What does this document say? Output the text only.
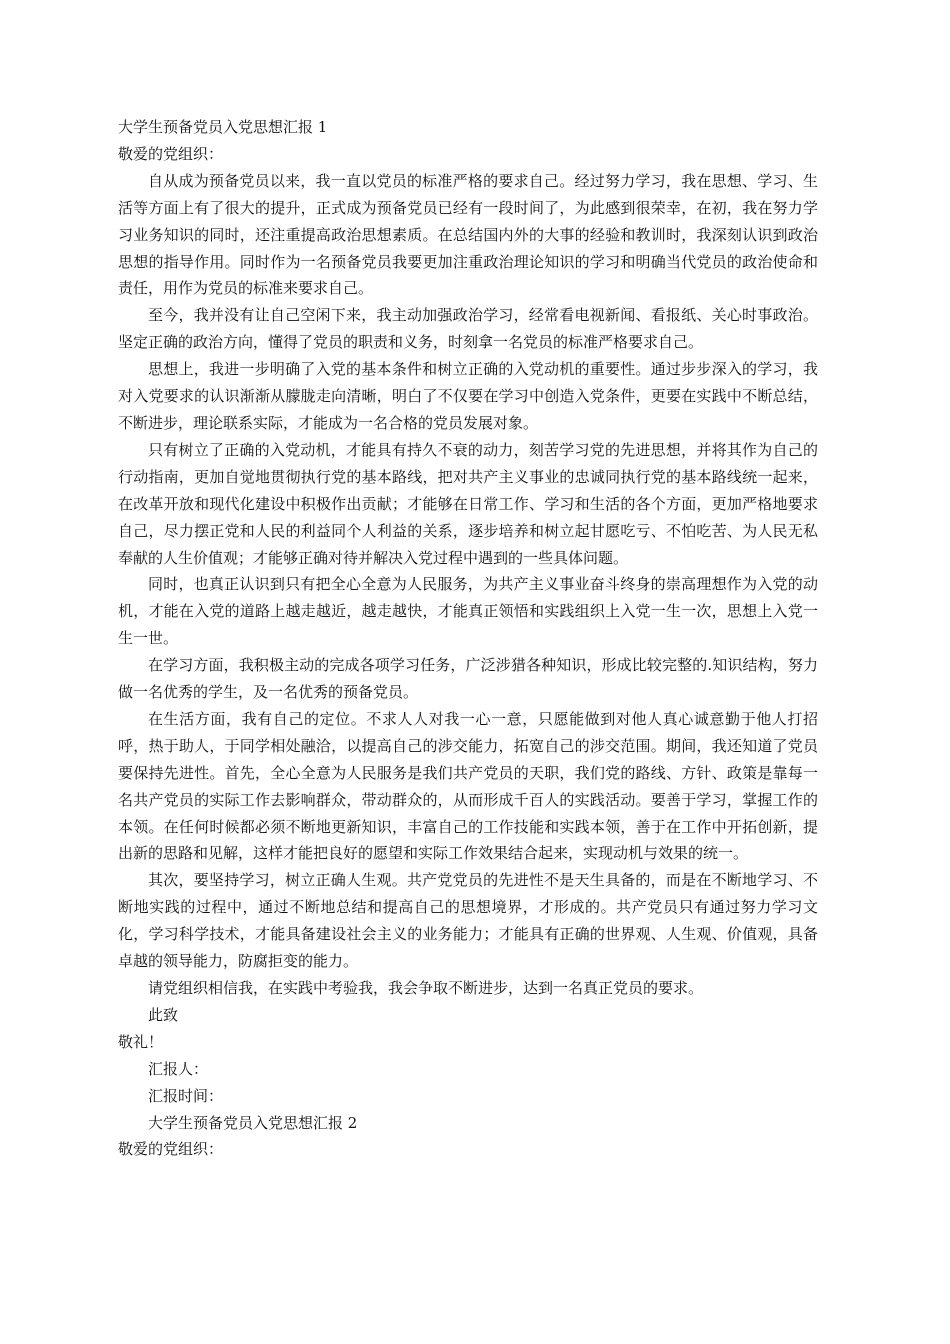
大学生预备党员入党思想汇报 1

敬爱的党组织：

自从成为预备党员以来，我一直以党员的标准严格的要求自己。经过努力学习，我在思想、学习、生活等方面上有了很大的提升，正式成为预备党员已经有一段时间了，为此感到很荣幸，在初，我在努力学习业务知识的同时，还注重提高政治思想素质。在总结国内外的大事的经验和教训时，我深刻认识到政治思想的指导作用。同时作为一名预备党员我要更加注重政治理论知识的学习和明确当代党员的政治使命和责任，用作为党员的标准来要求自己。

至今，我并没有让自己空闲下来，我主动加强政治学习，经常看电视新闻、看报纸、关心时事政治。坚定正确的政治方向，懂得了党员的职责和义务，时刻拿一名党员的标准严格要求自己。

思想上，我进一步明确了入党的基本条件和树立正确的入党动机的重要性。通过步步深入的学习，我对入党要求的认识渐渐从朦胧走向清晰，明白了不仅要在学习中创造入党条件，更要在实践中不断总结，不断进步，理论联系实际，才能成为一名合格的党员发展对象。

只有树立了正确的入党动机，才能具有持久不衰的动力，刻苦学习党的先进思想，并将其作为自己的行动指南，更加自觉地贯彻执行党的基本路线，把对共产主义事业的忠诚同执行党的基本路线统一起来，在改革开放和现代化建设中积极作出贡献；才能够在日常工作、学习和生活的各个方面，更加严格地要求自己，尽力摆正党和人民的利益同个人利益的关系，逐步培养和树立起甘愿吃亏、不怕吃苦、为人民无私奉献的人生价值观；才能够正确对待并解决入党过程中遇到的一些具体问题。

同时，也真正认识到只有把全心全意为人民服务，为共产主义事业奋斗终身的崇高理想作为入党的动机，才能在入党的道路上越走越近，越走越快，才能真正领悟和实践组织上入党一生一次，思想上入党一生一世。

在学习方面，我积极主动的完成各项学习任务，广泛涉猎各种知识，形成比较完整的.知识结构，努力做一名优秀的学生，及一名优秀的预备党员。

在生活方面，我有自己的定位。不求人人对我一心一意，只愿能做到对他人真心诚意勤于他人打招呼，热于助人，于同学相处融洽，以提高自己的涉交能力，拓宽自己的涉交范围。期间，我还知道了党员要保持先进性。首先，全心全意为人民服务是我们共产党员的天职，我们党的路线、方针、政策是靠每一名共产党员的实际工作去影响群众，带动群众的，从而形成千百人的实践活动。要善于学习，掌握工作的本领。在任何时候都必须不断地更新知识，丰富自己的工作技能和实践本领，善于在工作中开拓创新，提出新的思路和见解，这样才能把良好的愿望和实际工作效果结合起来，实现动机与效果的统一。

其次，要坚持学习，树立正确人生观。共产党党员的先进性不是天生具备的，而是在不断地学习、不断地实践的过程中，通过不断地总结和提高自己的思想境界，才形成的。共产党员只有通过努力学习文化，学习科学技术，才能具备建设社会主义的业务能力；才能具有正确的世界观、人生观、价值观，具备卓越的领导能力，防腐拒变的能力。

请党组织相信我，在实践中考验我，我会争取不断进步，达到一名真正党员的要求。

此致

敬礼！

汇报人：

汇报时间：

大学生预备党员入党思想汇报 2

敬爱的党组织：
